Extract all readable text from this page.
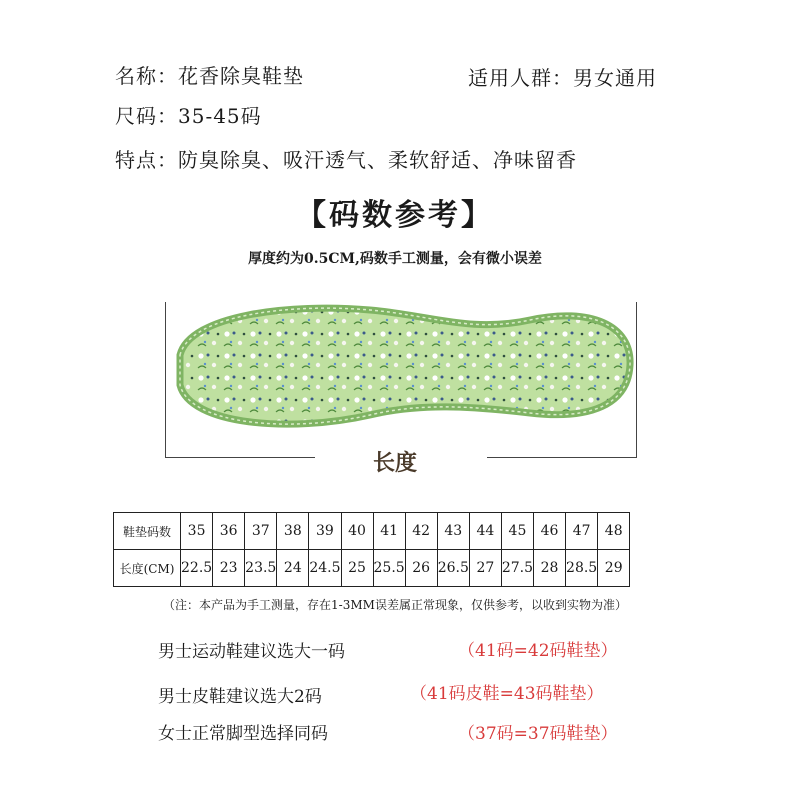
名称：花香除臭鞋垫	适用人群：男女通用
尺码：35-45码
特点：防臭除臭、吸汗透气、柔软舒适、净味留香
【码数参考】
厚度约为0.5CM,码数手工测量，会有微小误差
长度
鞋垫码数	35	36	37	38	39	40	41	42	43	44	45	46	47	48
长度(CM)	22.5	23	23.5	24	24.5	25	25.5	26	26.5	27	27.5	28	28.5	29
（注：本产品为手工测量，存在1-3MM误差属正常现象，仅供参考，以收到实物为准）
男士运动鞋建议选大一码	（41码=42码鞋垫）
男士皮鞋建议选大2码	（41码皮鞋=43码鞋垫）
女士正常脚型选择同码	（37码=37码鞋垫）
